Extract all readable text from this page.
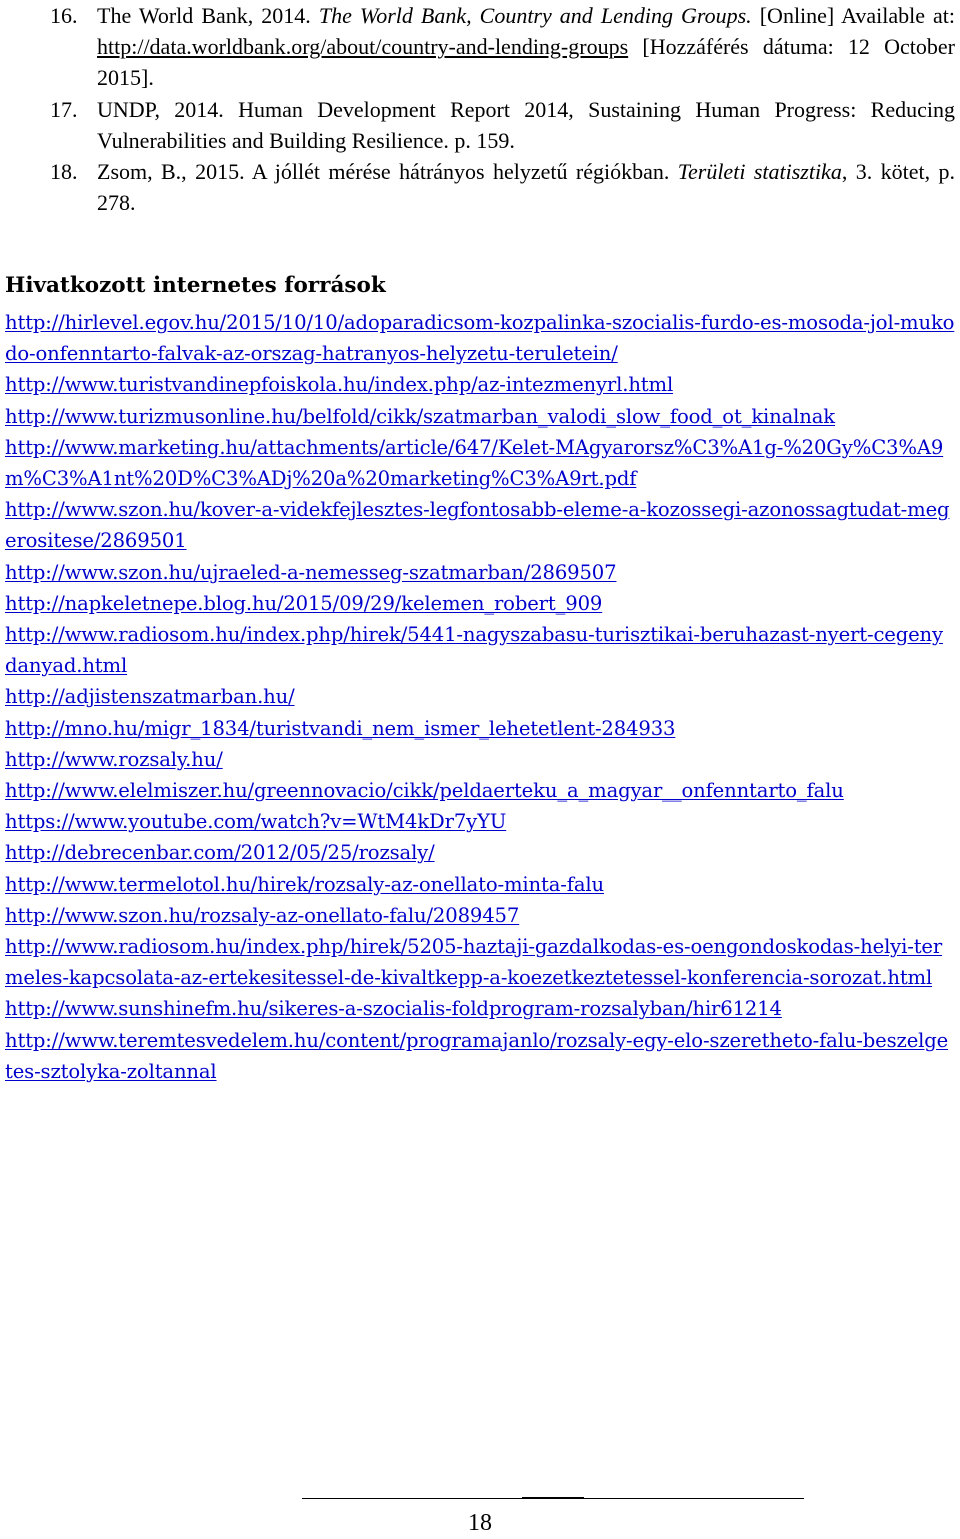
16. The World Bank, 2014. The World Bank, Country and Lending Groups. [Online] Available at: http://data.worldbank.org/about/country-and-lending-groups [Hozzáférés dátuma: 12 October 2015].
17. UNDP, 2014. Human Development Report 2014, Sustaining Human Progress: Reducing Vulnerabilities and Building Resilience. p. 159.
18. Zsom, B., 2015. A jóllét mérése hátrányos helyzetű régiókban. Területi statisztika, 3. kötet, p. 278.
Hivatkozott internetes források
http://hirlevel.egov.hu/2015/10/10/adoparadicsom-kozpalinka-szocialis-furdo-es-mosoda-jol-mukodo-onfenntarto-falvak-az-orszag-hatranyos-helyzetu-teruletein/
http://www.turistvandinepfoiskola.hu/index.php/az-intezmenyrl.html
http://www.turizmusonline.hu/belfold/cikk/szatmarban_valodi_slow_food_ot_kinalnak
http://www.marketing.hu/attachments/article/647/Kelet-MAgyarorsz%C3%A1g-%20Gy%C3%A9m%C3%A1nt%20D%C3%ADj%20a%20marketing%C3%A9rt.pdf
http://www.szon.hu/kover-a-videkfejlesztes-legfontosabb-eleme-a-kozossegi-azonossagtudat-megerositese/2869501
http://www.szon.hu/ujraeled-a-nemesseg-szatmarban/2869507
http://napkeletnepe.blog.hu/2015/09/29/kelemen_robert_909
http://www.radiosom.hu/index.php/hirek/5441-nagyszabasu-turisztikai-beruhazast-nyert-cegenydanyad.html
http://adjistenszatmarban.hu/
http://mno.hu/migr_1834/turistvandi_nem_ismer_lehetetlent-284933
http://www.rozsaly.hu/
http://www.elelmiszer.hu/greennovacio/cikk/peldaerteku_a_magyar__onfenntarto_falu
https://www.youtube.com/watch?v=WtM4kDr7yYU
http://debrecenbar.com/2012/05/25/rozsaly/
http://www.termelotol.hu/hirek/rozsaly-az-onellato-minta-falu
http://www.szon.hu/rozsaly-az-onellato-falu/2089457
http://www.radiosom.hu/index.php/hirek/5205-haztaji-gazdalkodas-es-oengondoskodas-helyi-termeles-kapcsolata-az-ertekesitessel-de-kivaltkepp-a-koezetkeztetessel-konferencia-sorozat.html
http://www.sunshinefm.hu/sikeres-a-szocialis-foldprogram-rozsalyban/hir61214
http://www.teremtesvedelem.hu/content/programajanlo/rozsaly-egy-elo-szeretheto-falu-beszelgetes-sztolyka-zoltannal
18
